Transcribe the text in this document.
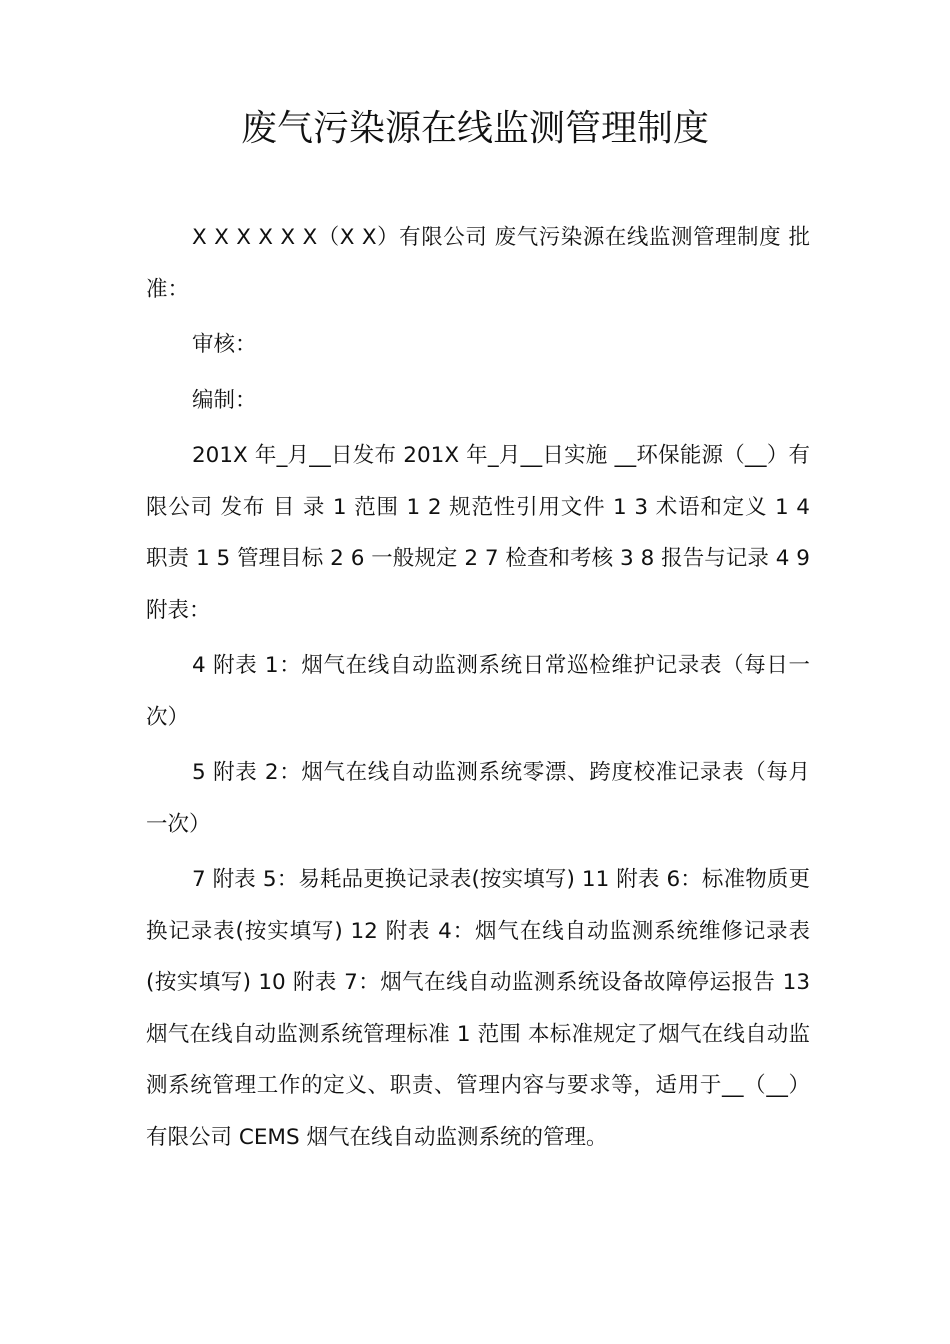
废气污染源在线监测管理制度

X X X X X X（X X）有限公司 废气污染源在线监测管理制度 批准：

审核：

编制：

201X 年_月__日发布 201X 年_月__日实施 __环保能源（__）有限公司 发布 目 录 1 范围 1 2 规范性引用文件 1 3 术语和定义 1 4 职责 1 5 管理目标 2 6 一般规定 2 7 检查和考核 3 8 报告与记录 4 9 附表：

4 附表 1：烟气在线自动监测系统日常巡检维护记录表（每日一次）

5 附表 2：烟气在线自动监测系统零漂、跨度校准记录表（每月一次）

7 附表 5：易耗品更换记录表(按实填写) 11 附表 6：标准物质更换记录表(按实填写) 12 附表 4：烟气在线自动监测系统维修记录表(按实填写) 10 附表 7：烟气在线自动监测系统设备故障停运报告 13 烟气在线自动监测系统管理标准 1 范围 本标准规定了烟气在线自动监测系统管理工作的定义、职责、管理内容与要求等，适用于__（__）有限公司 CEMS 烟气在线自动监测系统的管理。
